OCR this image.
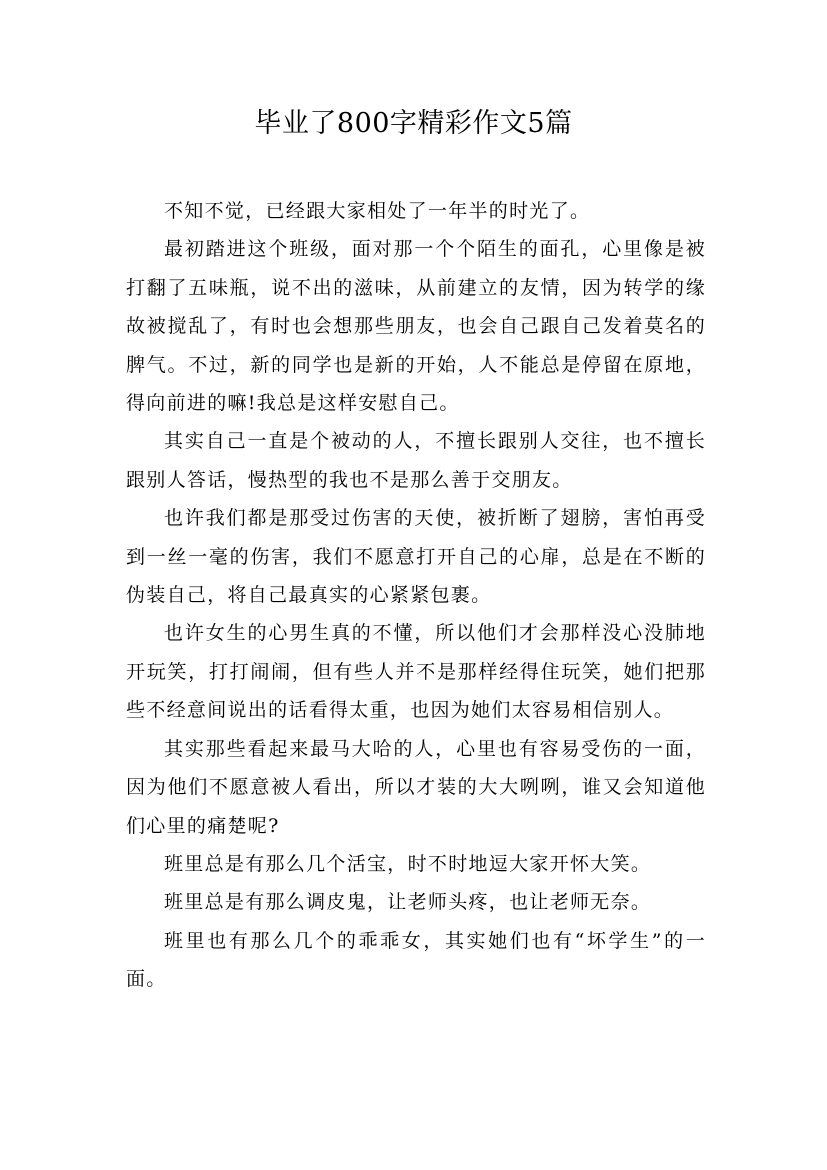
毕业了800字精彩作文5篇

不知不觉，已经跟大家相处了一年半的时光了。

最初踏进这个班级，面对那一个个陌生的面孔，心里像是被打翻了五味瓶，说不出的滋味，从前建立的友情，因为转学的缘故被搅乱了，有时也会想那些朋友，也会自己跟自己发着莫名的脾气。不过，新的同学也是新的开始，人不能总是停留在原地，得向前进的嘛!我总是这样安慰自己。

其实自己一直是个被动的人，不擅长跟别人交往，也不擅长跟别人答话，慢热型的我也不是那么善于交朋友。

也许我们都是那受过伤害的天使，被折断了翅膀，害怕再受到一丝一毫的伤害，我们不愿意打开自己的心扉，总是在不断的伪装自己，将自己最真实的心紧紧包裹。

也许女生的心男生真的不懂，所以他们才会那样没心没肺地开玩笑，打打闹闹，但有些人并不是那样经得住玩笑，她们把那些不经意间说出的话看得太重，也因为她们太容易相信别人。

其实那些看起来最马大哈的人，心里也有容易受伤的一面，因为他们不愿意被人看出，所以才装的大大咧咧，谁又会知道他们心里的痛楚呢?

班里总是有那么几个活宝，时不时地逗大家开怀大笑。

班里总是有那么调皮鬼，让老师头疼，也让老师无奈。

班里也有那么几个的乖乖女，其实她们也有“坏学生”的一面。
